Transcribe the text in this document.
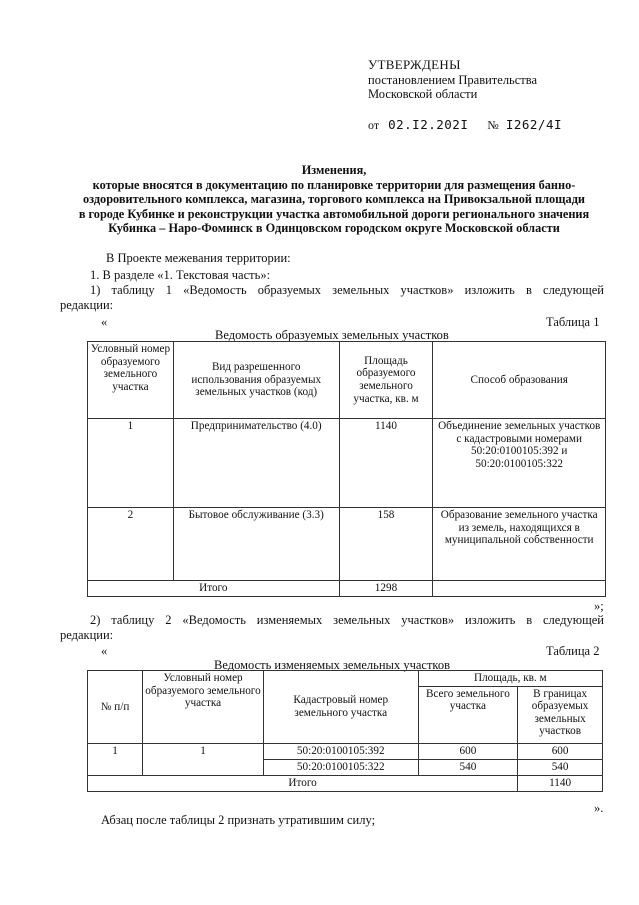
УТВЕРЖДЕНЫ
постановлением Правительства
Московской области
от 02.I2.202I № I262/4I
Изменения,
которые вносятся в документацию по планировке территории для размещения банно-
оздоровительного комплекса, магазина, торгового комплекса на Привокзальной площади
в городе Кубинке и реконструкции участка автомобильной дороги регионального значения
Кубинка – Наро-Фоминск в Одинцовском городском округе Московской области
В Проекте межевания территории:
1. В разделе «1. Текстовая часть»:
1) таблицу 1 «Ведомость образуемых земельных участков» изложить в следующей
редакции:
«	Таблица 1
Ведомость образуемых земельных участков
Условный номер образуемого земельного участка	Вид разрешенного использования образуемых земельных участков (код)	Площадь образуемого земельного участка, кв. м	Способ образования
1	Предпринимательство (4.0)	1140	Объединение земельных участков с кадастровыми номерами 50:20:0100105:392 и 50:20:0100105:322
2	Бытовое обслуживание (3.3)	158	Образование земельного участка из земель, находящихся в муниципальной собственности
Итого		1298	
»;
2) таблицу 2 «Ведомость изменяемых земельных участков» изложить в следующей
редакции:
«	Таблица 2
Ведомость изменяемых земельных участков
№ п/п	Условный номер образуемого земельного участка	Кадастровый номер земельного участка	Площадь, кв. м	
			Всего земельного участка	В границах образуемых земельных участков
1	1	50:20:0100105:392	600	600
		50:20:0100105:322	540	540
Итого				1140
».
Абзац после таблицы 2 признать утратившим силу;
